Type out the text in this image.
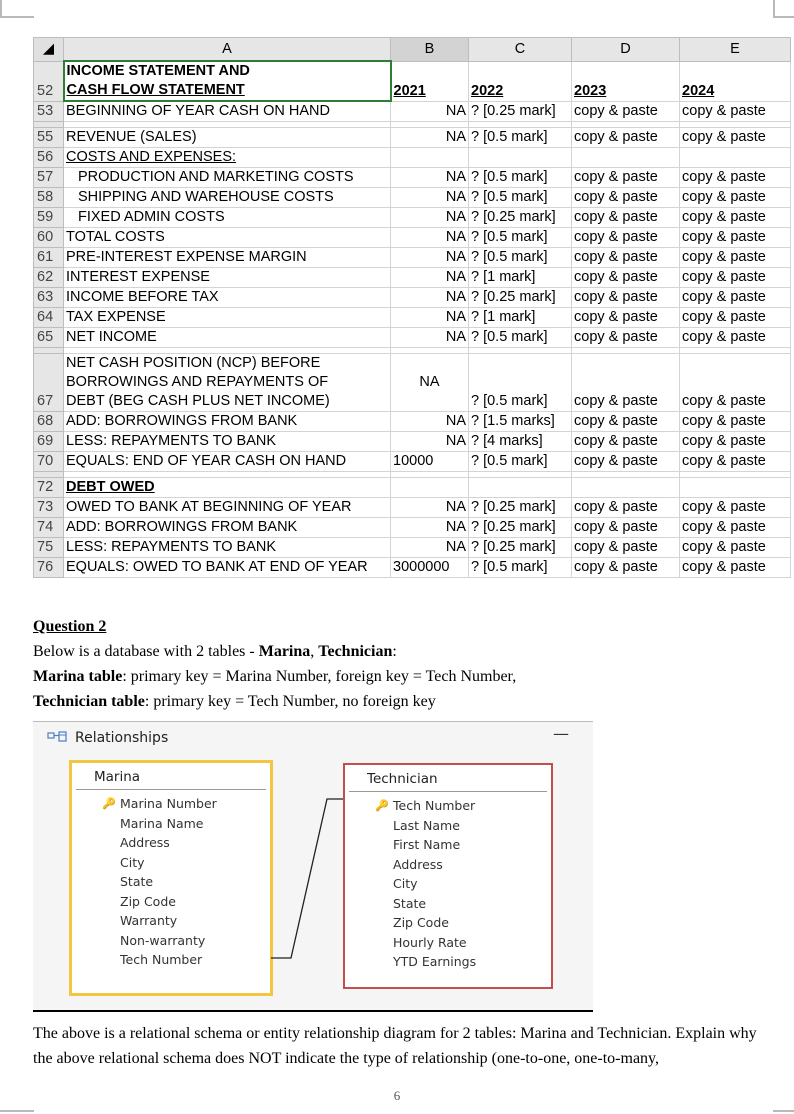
◢	A	B	C	D	E
52	INCOME STATEMENT AND
CASH FLOW STATEMENT	2021	2022	2023	2024
53	BEGINNING OF YEAR CASH ON HAND	NA	? [0.25 mark]	copy & paste	copy & paste

55	REVENUE (SALES)	NA	? [0.5 mark]	copy & paste	copy & paste
56	COSTS AND EXPENSES:				
57	PRODUCTION AND MARKETING COSTS	NA	? [0.5 mark]	copy & paste	copy & paste
58	SHIPPING AND WAREHOUSE COSTS	NA	? [0.5 mark]	copy & paste	copy & paste
59	FIXED ADMIN COSTS	NA	? [0.25 mark]	copy & paste	copy & paste
60	TOTAL COSTS	NA	? [0.5 mark]	copy & paste	copy & paste
61	PRE-INTEREST EXPENSE MARGIN	NA	? [0.5 mark]	copy & paste	copy & paste
62	INTEREST EXPENSE	NA	? [1 mark]	copy & paste	copy & paste
63	INCOME BEFORE TAX	NA	? [0.25 mark]	copy & paste	copy & paste
64	TAX EXPENSE	NA	? [1 mark]	copy & paste	copy & paste
65	NET INCOME	NA	? [0.5 mark]	copy & paste	copy & paste

67	NET CASH POSITION (NCP) BEFORE
BORROWINGS AND REPAYMENTS OF
DEBT (BEG CASH PLUS NET INCOME)	NA	? [0.5 mark]	copy & paste	copy & paste
68	ADD: BORROWINGS FROM BANK	NA	? [1.5 marks]	copy & paste	copy & paste
69	LESS: REPAYMENTS TO BANK	NA	? [4 marks]	copy & paste	copy & paste
70	EQUALS: END OF YEAR CASH ON HAND	10000	? [0.5 mark]	copy & paste	copy & paste

72	DEBT OWED				
73	OWED TO BANK AT BEGINNING OF YEAR	NA	? [0.25 mark]	copy & paste	copy & paste
74	ADD: BORROWINGS FROM BANK	NA	? [0.25 mark]	copy & paste	copy & paste
75	LESS: REPAYMENTS TO BANK	NA	? [0.25 mark]	copy & paste	copy & paste
76	EQUALS: OWED TO BANK AT END OF YEAR	3000000	? [0.5 mark]	copy & paste	copy & paste
Question 2
Below is a database with 2 tables - Marina, Technician:
Marina table: primary key = Marina Number, foreign key = Tech Number,
Technician table: primary key = Tech Number, no foreign key
Relationships	—
Marina
🔑 Marina Number
Marina Name
Address
City
State
Zip Code
Warranty
Non-warranty
Tech Number
Technician
🔑 Tech Number
Last Name
First Name
Address
City
State
Zip Code
Hourly Rate
YTD Earnings
The above is a relational schema or entity relationship diagram for 2 tables: Marina and Technician. Explain why the above relational schema does NOT indicate the type of relationship (one-to-one, one-to-many,
6
